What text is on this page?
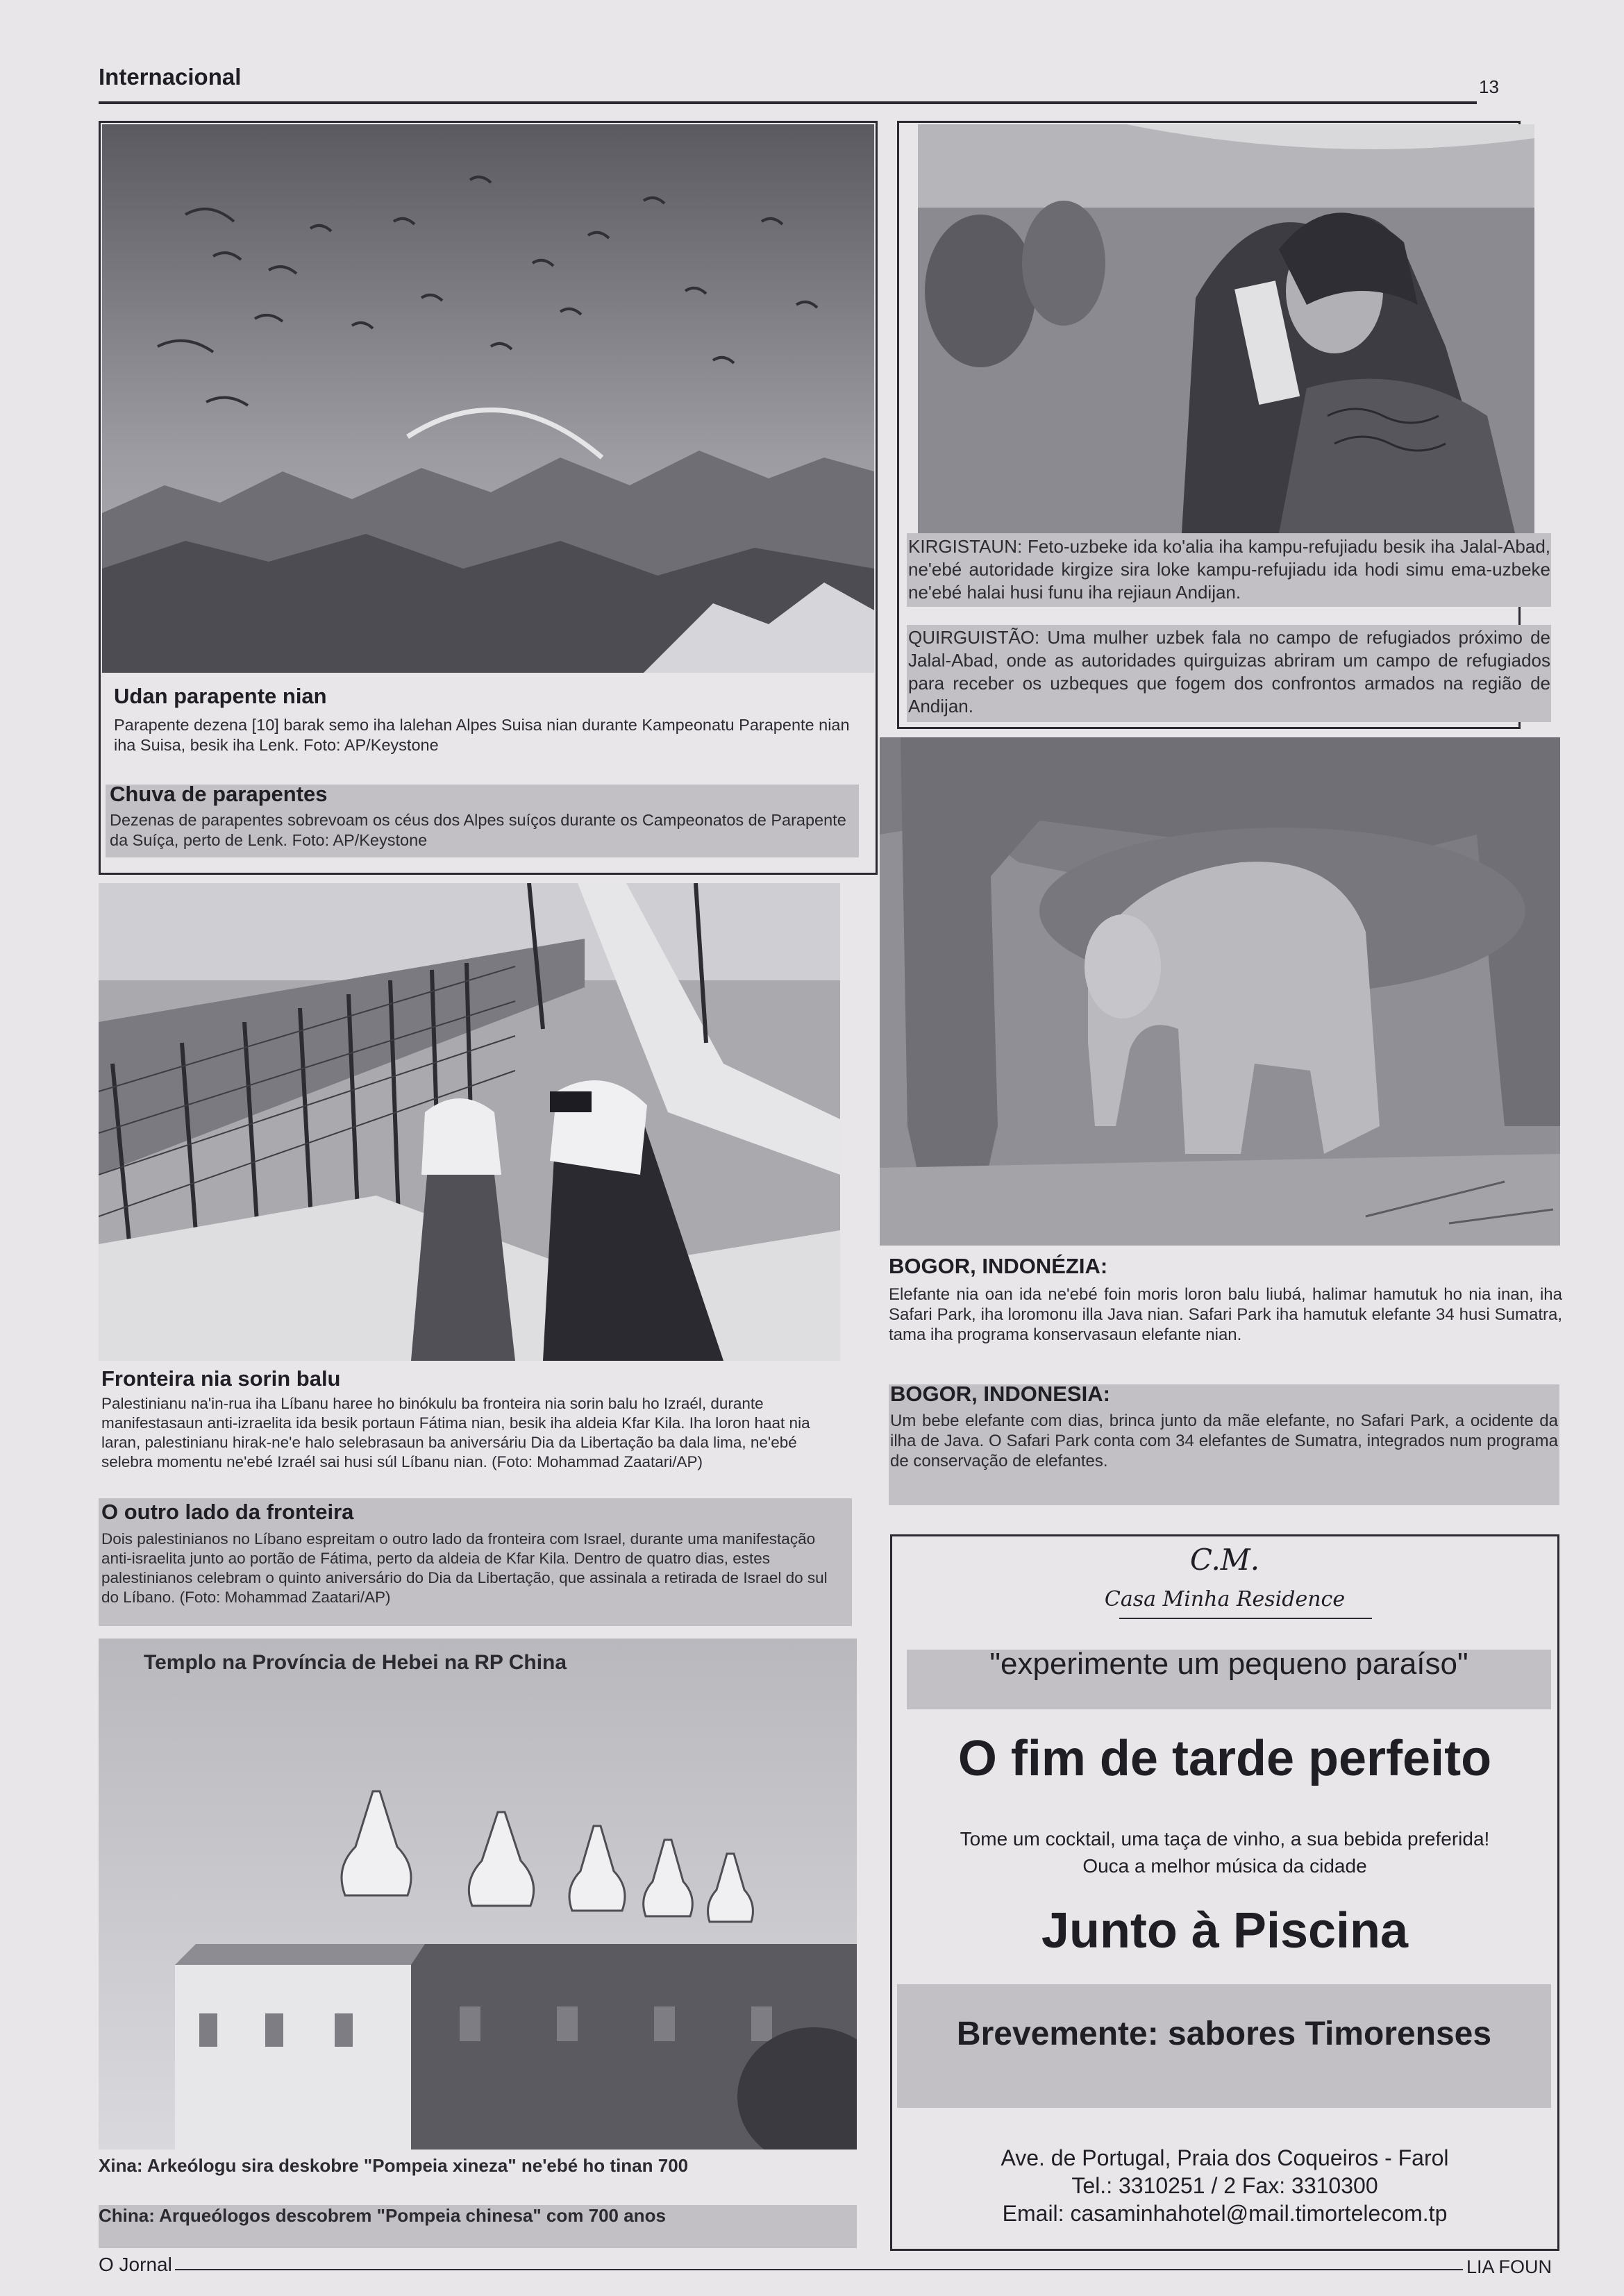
Internacional	13
Udan parapente nian
Parapente dezena [10] barak semo iha lalehan Alpes Suisa nian durante Kampeonatu Parapente nian iha Suisa, besik iha Lenk. Foto: AP/Keystone
Chuva de parapentes
Dezenas de parapentes sobrevoam os céus dos Alpes suíços durante os Campeonatos de Parapente da Suíça, perto de Lenk. Foto: AP/Keystone
KIRGISTAUN: Feto-uzbeke ida ko'alia iha kampu-refujiadu besik iha Jalal-Abad, ne'ebé autoridade kirgize sira loke kampu-refujiadu ida hodi simu ema-uzbeke ne'ebé halai husi funu iha rejiaun Andijan.
QUIRGUISTÃO: Uma mulher uzbek fala no campo de refugiados próximo de Jalal-Abad, onde as autoridades quirguizas abriram um campo de refugiados para receber os uzbeques que fogem dos confrontos armados na região de Andijan.
Fronteira nia sorin balu
Palestinianu na'in-rua iha Líbanu haree ho binókulu ba fronteira nia sorin balu ho Izraél, durante manifestasaun anti-izraelita ida besik portaun Fátima nian, besik iha aldeia Kfar Kila. Iha loron haat nia laran, palestinianu hirak-ne'e halo selebrasaun ba aniversáriu Dia da Libertação ba dala lima, ne'ebé selebra momentu ne'ebé Izraél sai husi súl Líbanu nian. (Foto: Mohammad Zaatari/AP)
O outro lado da fronteira
Dois palestinianos no Líbano espreitam o outro lado da fronteira com Israel, durante uma manifestação anti-israelita junto ao portão de Fátima, perto da aldeia de Kfar Kila. Dentro de quatro dias, estes palestinianos celebram o quinto aniversário do Dia da Libertação, que assinala a retirada de Israel do sul do Líbano. (Foto: Mohammad Zaatari/AP)
BOGOR, INDONÉZIA:
Elefante nia oan ida ne'ebé foin moris loron balu liubá, halimar hamutuk ho nia inan, iha Safari Park, iha loromonu illa Java nian. Safari Park iha hamutuk elefante 34 husi Sumatra, tama iha programa konservasaun elefante nian.
BOGOR, INDONESIA:
Um bebe elefante com dias, brinca junto da mãe elefante, no Safari Park, a ocidente da ilha de Java. O Safari Park conta com 34 elefantes de Sumatra, integrados num programa de conservação de elefantes.
Templo na Província de Hebei na RP China
Xina: Arkeólogu sira deskobre "Pompeia xineza" ne'ebé ho tinan 700
China: Arqueólogos descobrem "Pompeia chinesa" com 700 anos
C.M.
Casa Minha Residence
"experimente um pequeno paraíso"
O fim de tarde perfeito
Tome um cocktail, uma taça de vinho, a sua bebida preferida!
Ouca a melhor música da cidade
Junto à Piscina
Brevemente: sabores Timorenses
Ave. de Portugal, Praia dos Coqueiros - Farol
Tel.: 3310251 / 2 Fax: 3310300
Email: casaminhahotel@mail.timortelecom.tp
O Jornal	LIA FOUN
